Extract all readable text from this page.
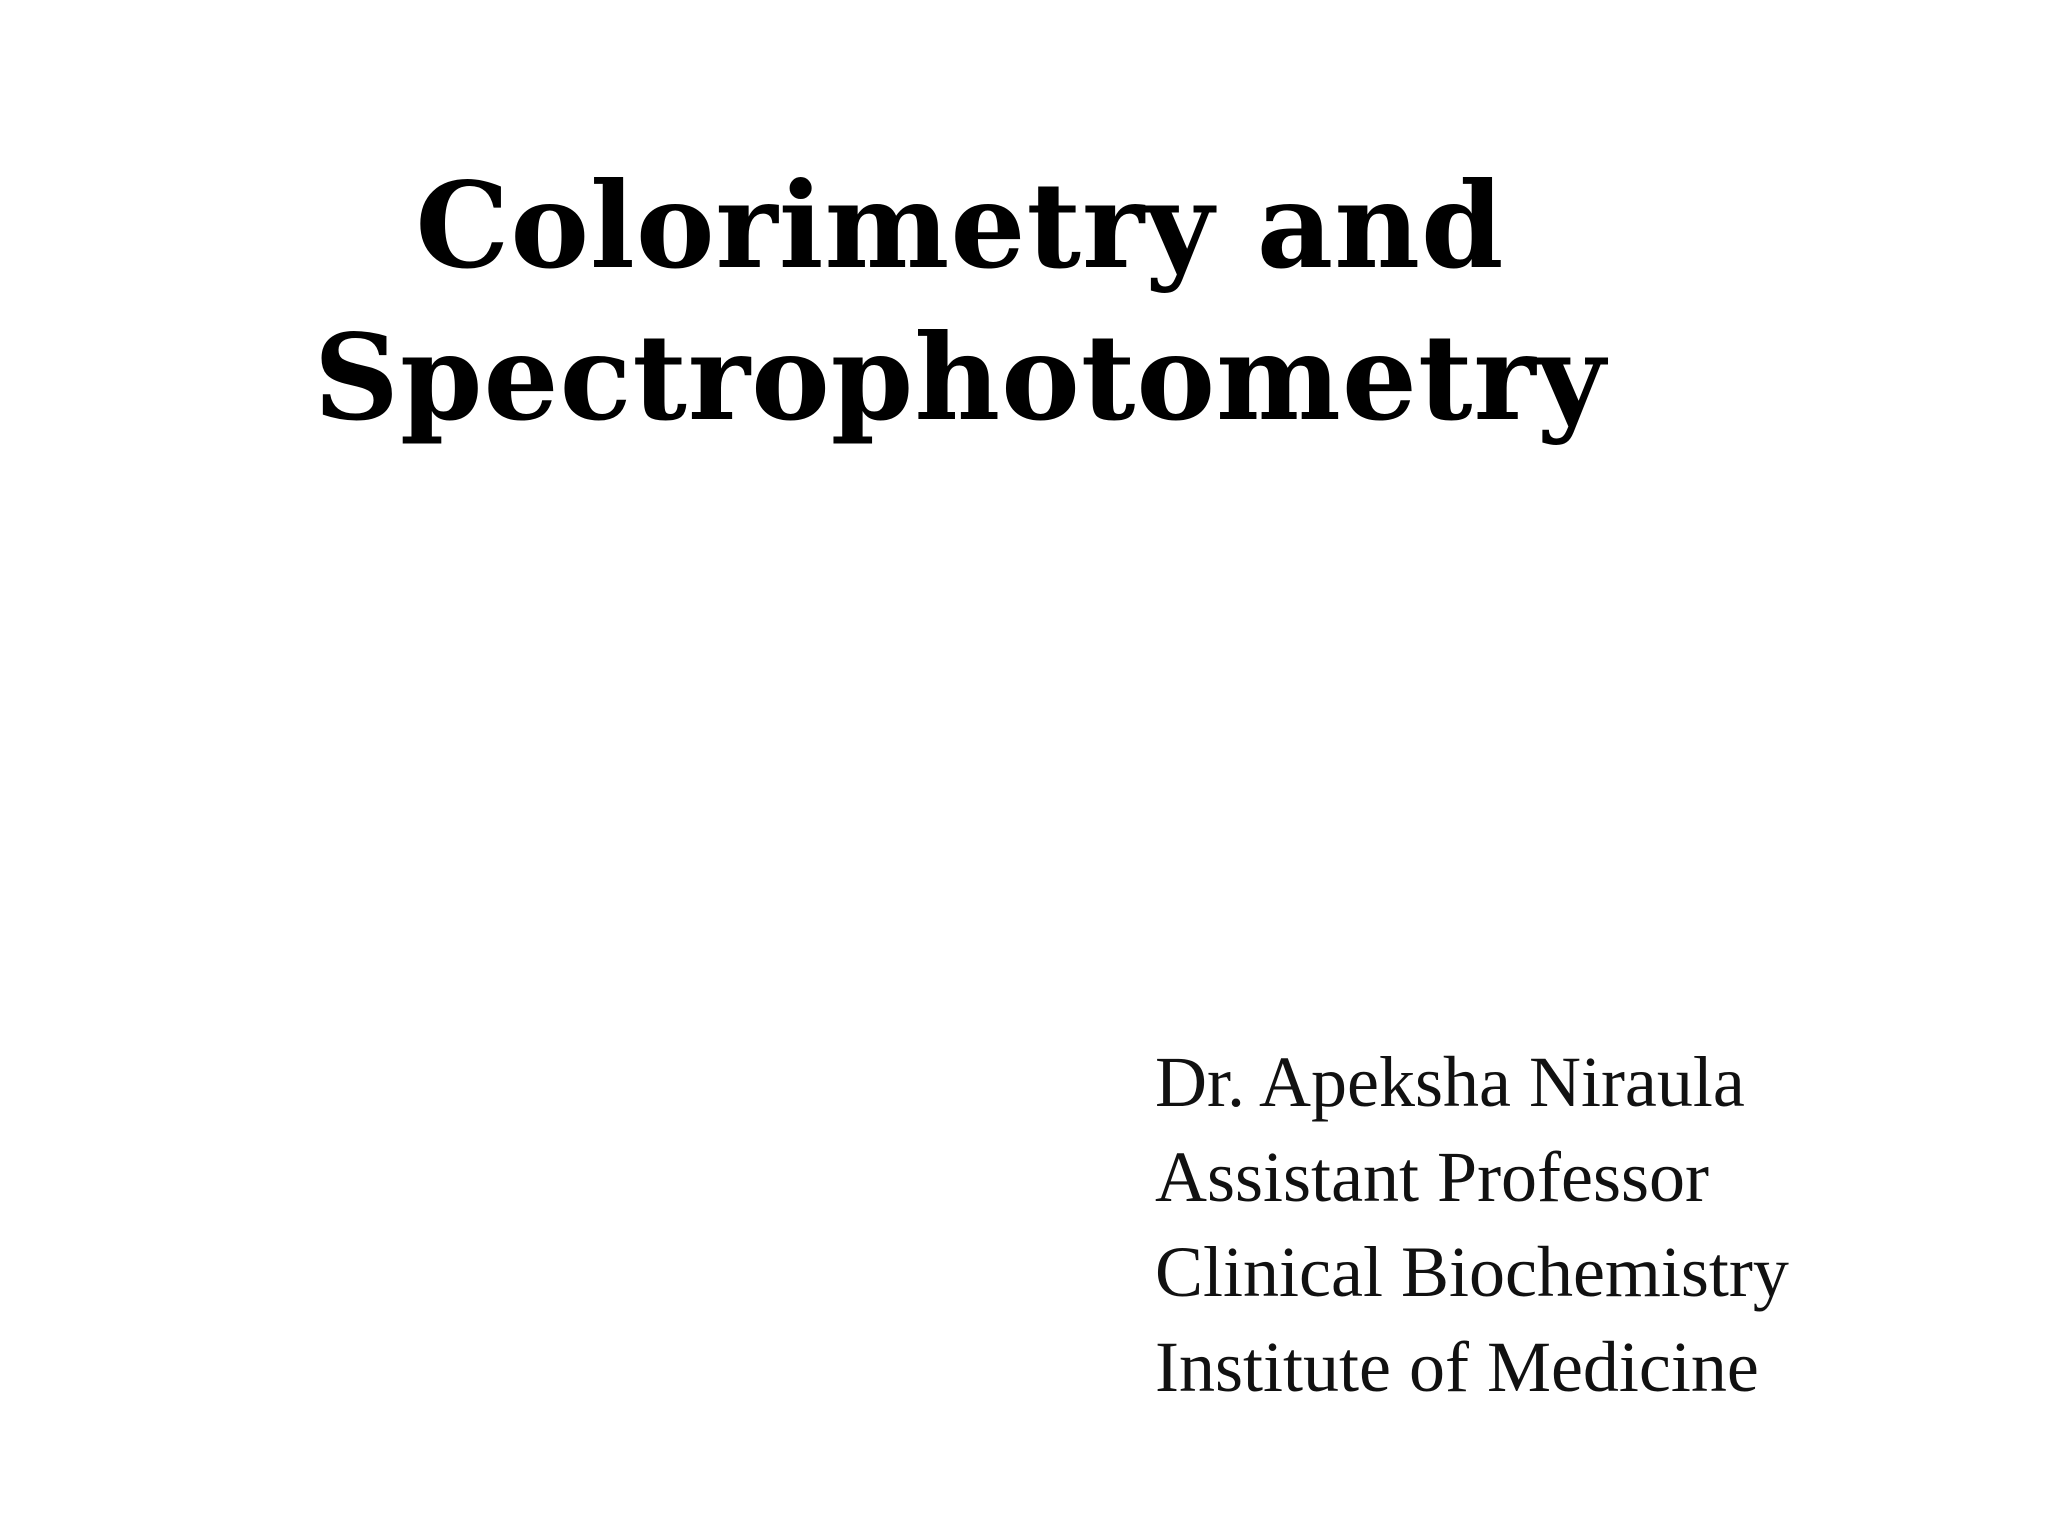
Colorimetry and
Spectrophotometry
Dr. Apeksha Niraula
Assistant Professor
Clinical Biochemistry
Institute of Medicine
